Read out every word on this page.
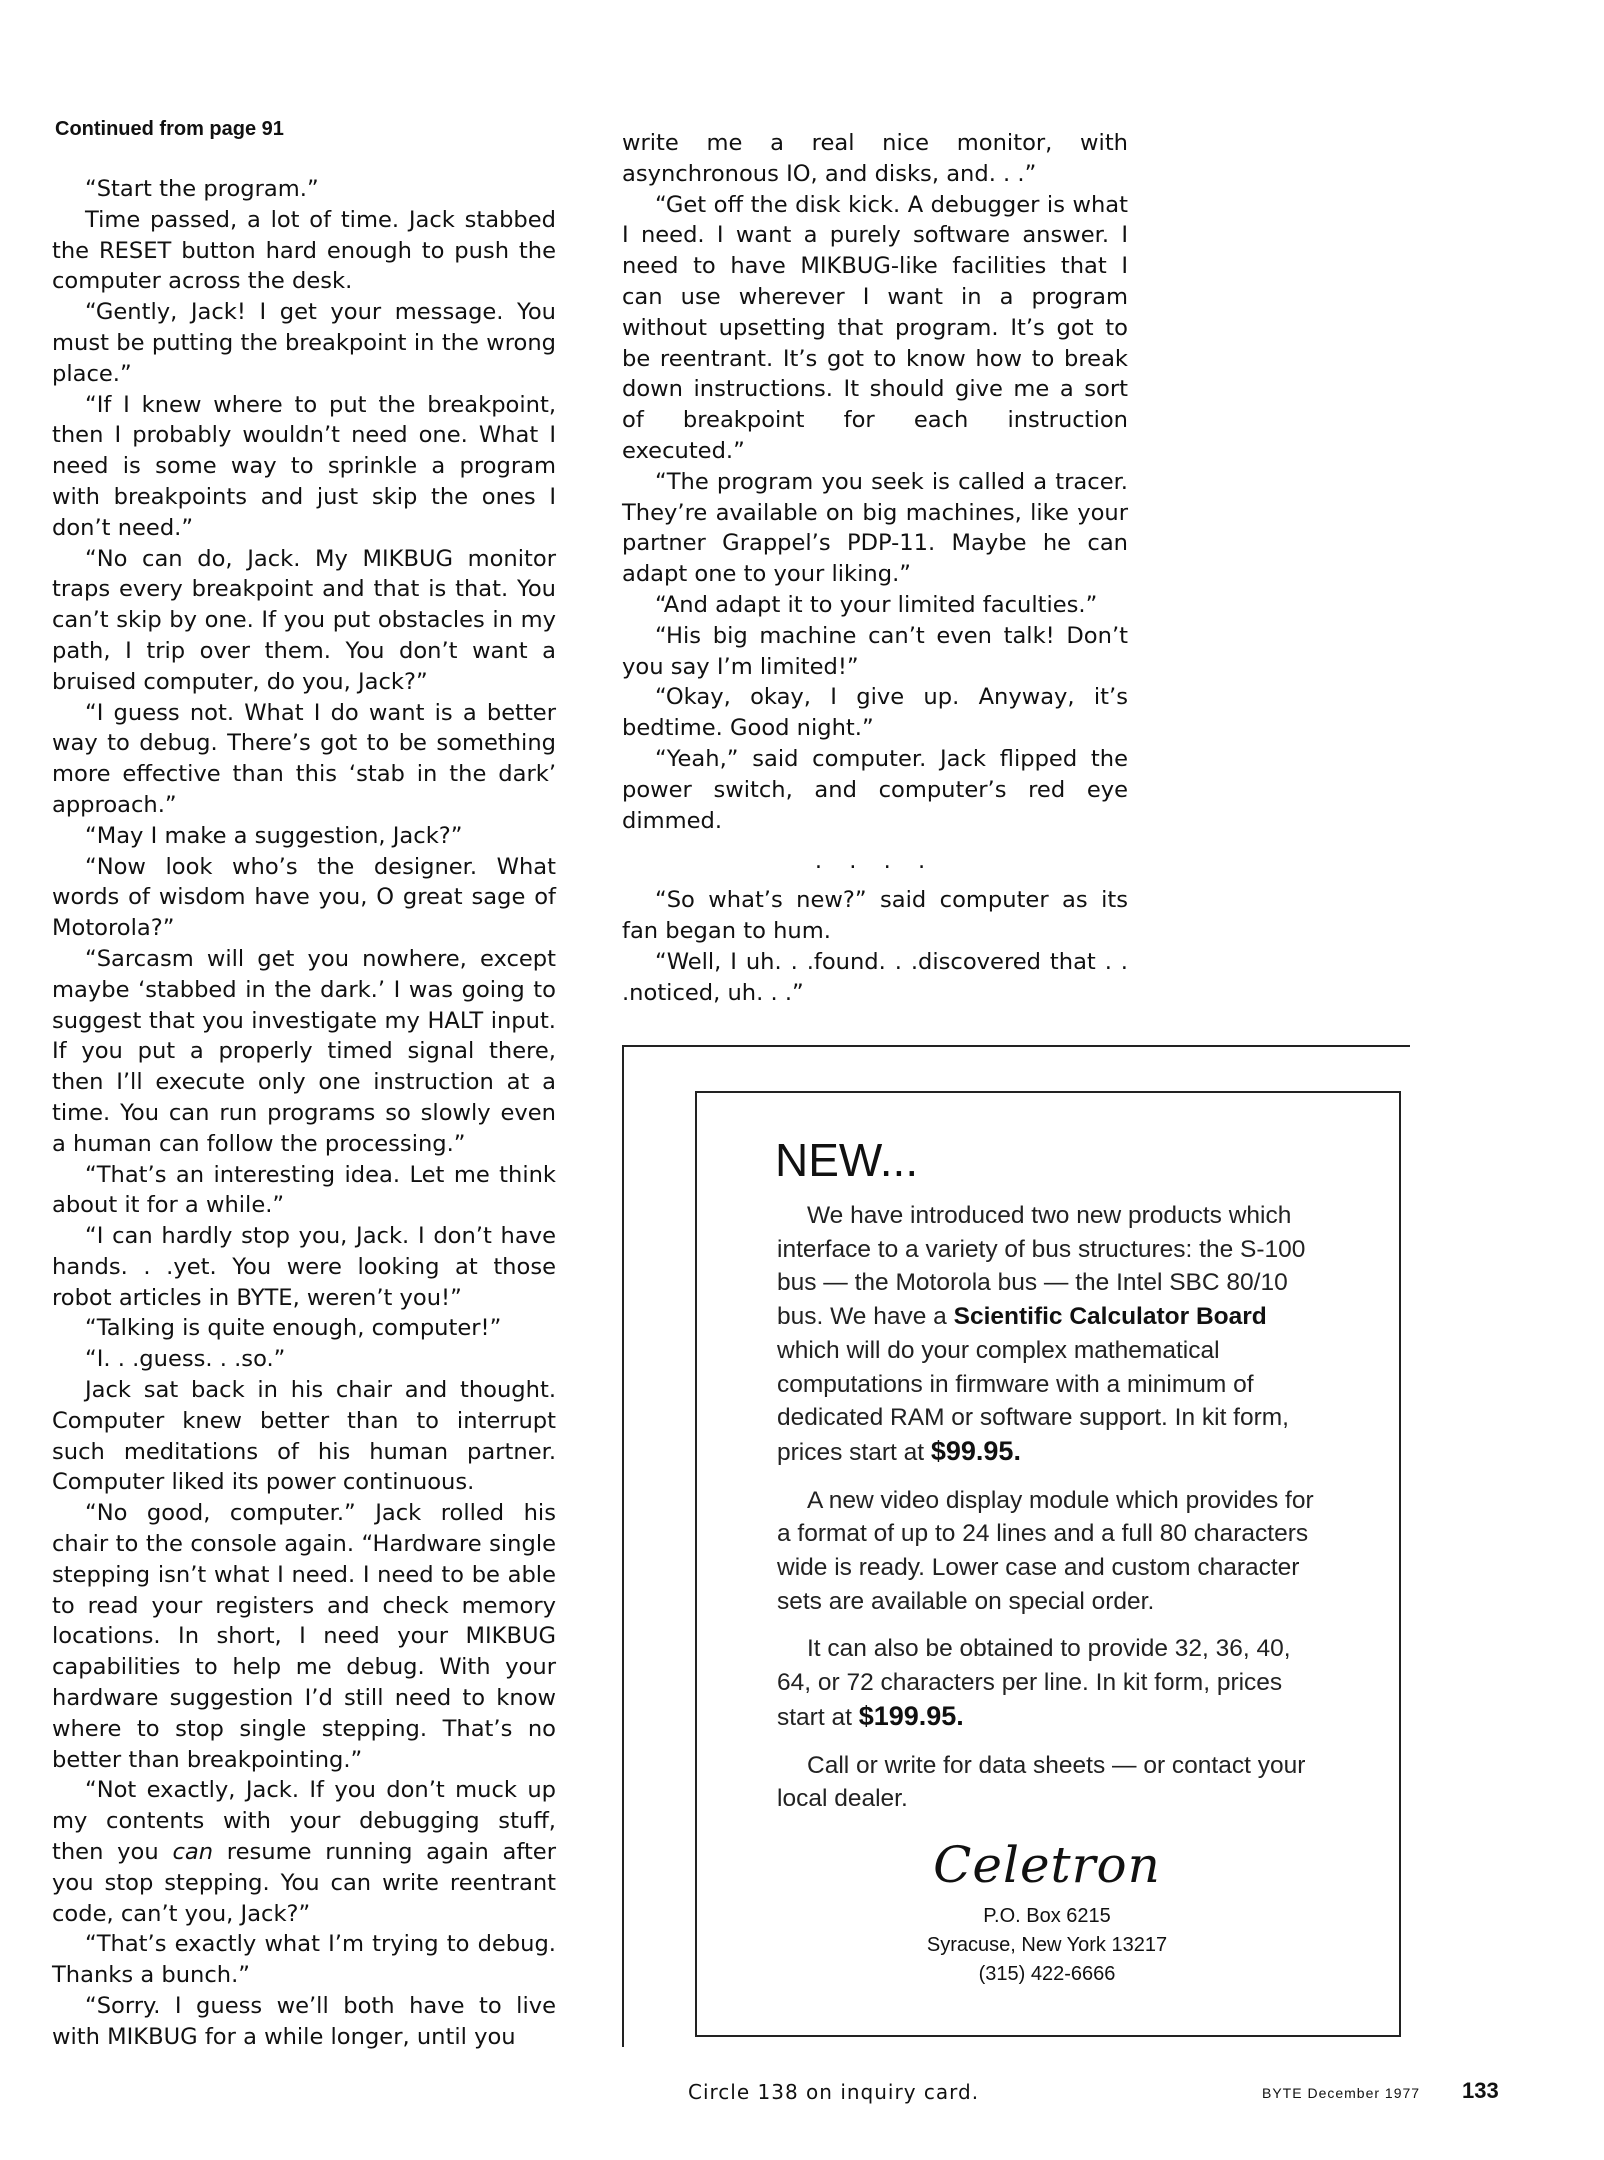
Continued from page 91

“Start the program.”

Time passed, a lot of time. Jack stabbed the RESET button hard enough to push the computer across the desk.

“Gently, Jack! I get your message. You must be putting the breakpoint in the wrong place.”

“If I knew where to put the breakpoint, then I probably wouldn’t need one. What I need is some way to sprinkle a program with breakpoints and just skip the ones I don’t need.”

“No can do, Jack. My MIKBUG monitor traps every breakpoint and that is that. You can’t skip by one. If you put obstacles in my path, I trip over them. You don’t want a bruised computer, do you, Jack?”

“I guess not. What I do want is a better way to debug. There’s got to be something more effective than this ‘stab in the dark’ approach.”

“May I make a suggestion, Jack?”

“Now look who’s the designer. What words of wisdom have you, O great sage of Motorola?”

“Sarcasm will get you nowhere, except maybe ‘stabbed in the dark.’ I was going to suggest that you investigate my HALT input. If you put a properly timed signal there, then I’ll execute only one instruction at a time. You can run programs so slowly even a human can follow the processing.”

“That’s an interesting idea. Let me think about it for a while.”

“I can hardly stop you, Jack. I don’t have hands. . .yet. You were looking at those robot articles in BYTE, weren’t you!”

“Talking is quite enough, computer!”

“I. . .guess. . .so.”

Jack sat back in his chair and thought. Computer knew better than to interrupt such meditations of his human partner. Computer liked its power continuous.

“No good, computer.” Jack rolled his chair to the console again. “Hardware single stepping isn’t what I need. I need to be able to read your registers and check memory locations. In short, I need your MIKBUG capabilities to help me debug. With your hardware suggestion I’d still need to know where to stop single stepping. That’s no better than breakpointing.”

“Not exactly, Jack. If you don’t muck up my contents with your debugging stuff, then you can resume running again after you stop stepping. You can write reentrant code, can’t you, Jack?”

“That’s exactly what I’m trying to debug. Thanks a bunch.”

“Sorry. I guess we’ll both have to live with MIKBUG for a while longer, until you

write me a real nice monitor, with asynchronous IO, and disks, and. . .”

“Get off the disk kick. A debugger is what I need. I want a purely software answer. I need to have MIKBUG-like facilities that I can use wherever I want in a program without upsetting that program. It’s got to be reentrant. It’s got to know how to break down instructions. It should give me a sort of breakpoint for each instruction executed.”

“The program you seek is called a tracer. They’re available on big machines, like your partner Grappel’s PDP-11. Maybe he can adapt one to your liking.”

“And adapt it to your limited faculties.”

“His big machine can’t even talk! Don’t you say I’m limited!”

“Okay, okay, I give up. Anyway, it’s bedtime. Good night.”

“Yeah,” said computer. Jack flipped the power switch, and computer’s red eye dimmed.

. . . .

“So what’s new?” said computer as its fan began to hum.

“Well, I uh. . .found. . .discovered that . . .noticed, uh. . .”

NEW...

We have introduced two new products which interface to a variety of bus structures: the S-100 bus — the Motorola bus — the Intel SBC 80/10 bus. We have a Scientific Calculator Board which will do your complex mathematical computations in firmware with a minimum of dedicated RAM or software support. In kit form, prices start at $99.95.

A new video display module which provides for a format of up to 24 lines and a full 80 characters wide is ready. Lower case and custom character sets are available on special order.

It can also be obtained to provide 32, 36, 40, 64, or 72 characters per line. In kit form, prices start at $199.95.

Call or write for data sheets — or contact your local dealer.

Celetron
P.O. Box 6215
Syracuse, New York 13217
(315) 422-6666
Circle 138 on inquiry card.	BYTE December 1977 133
